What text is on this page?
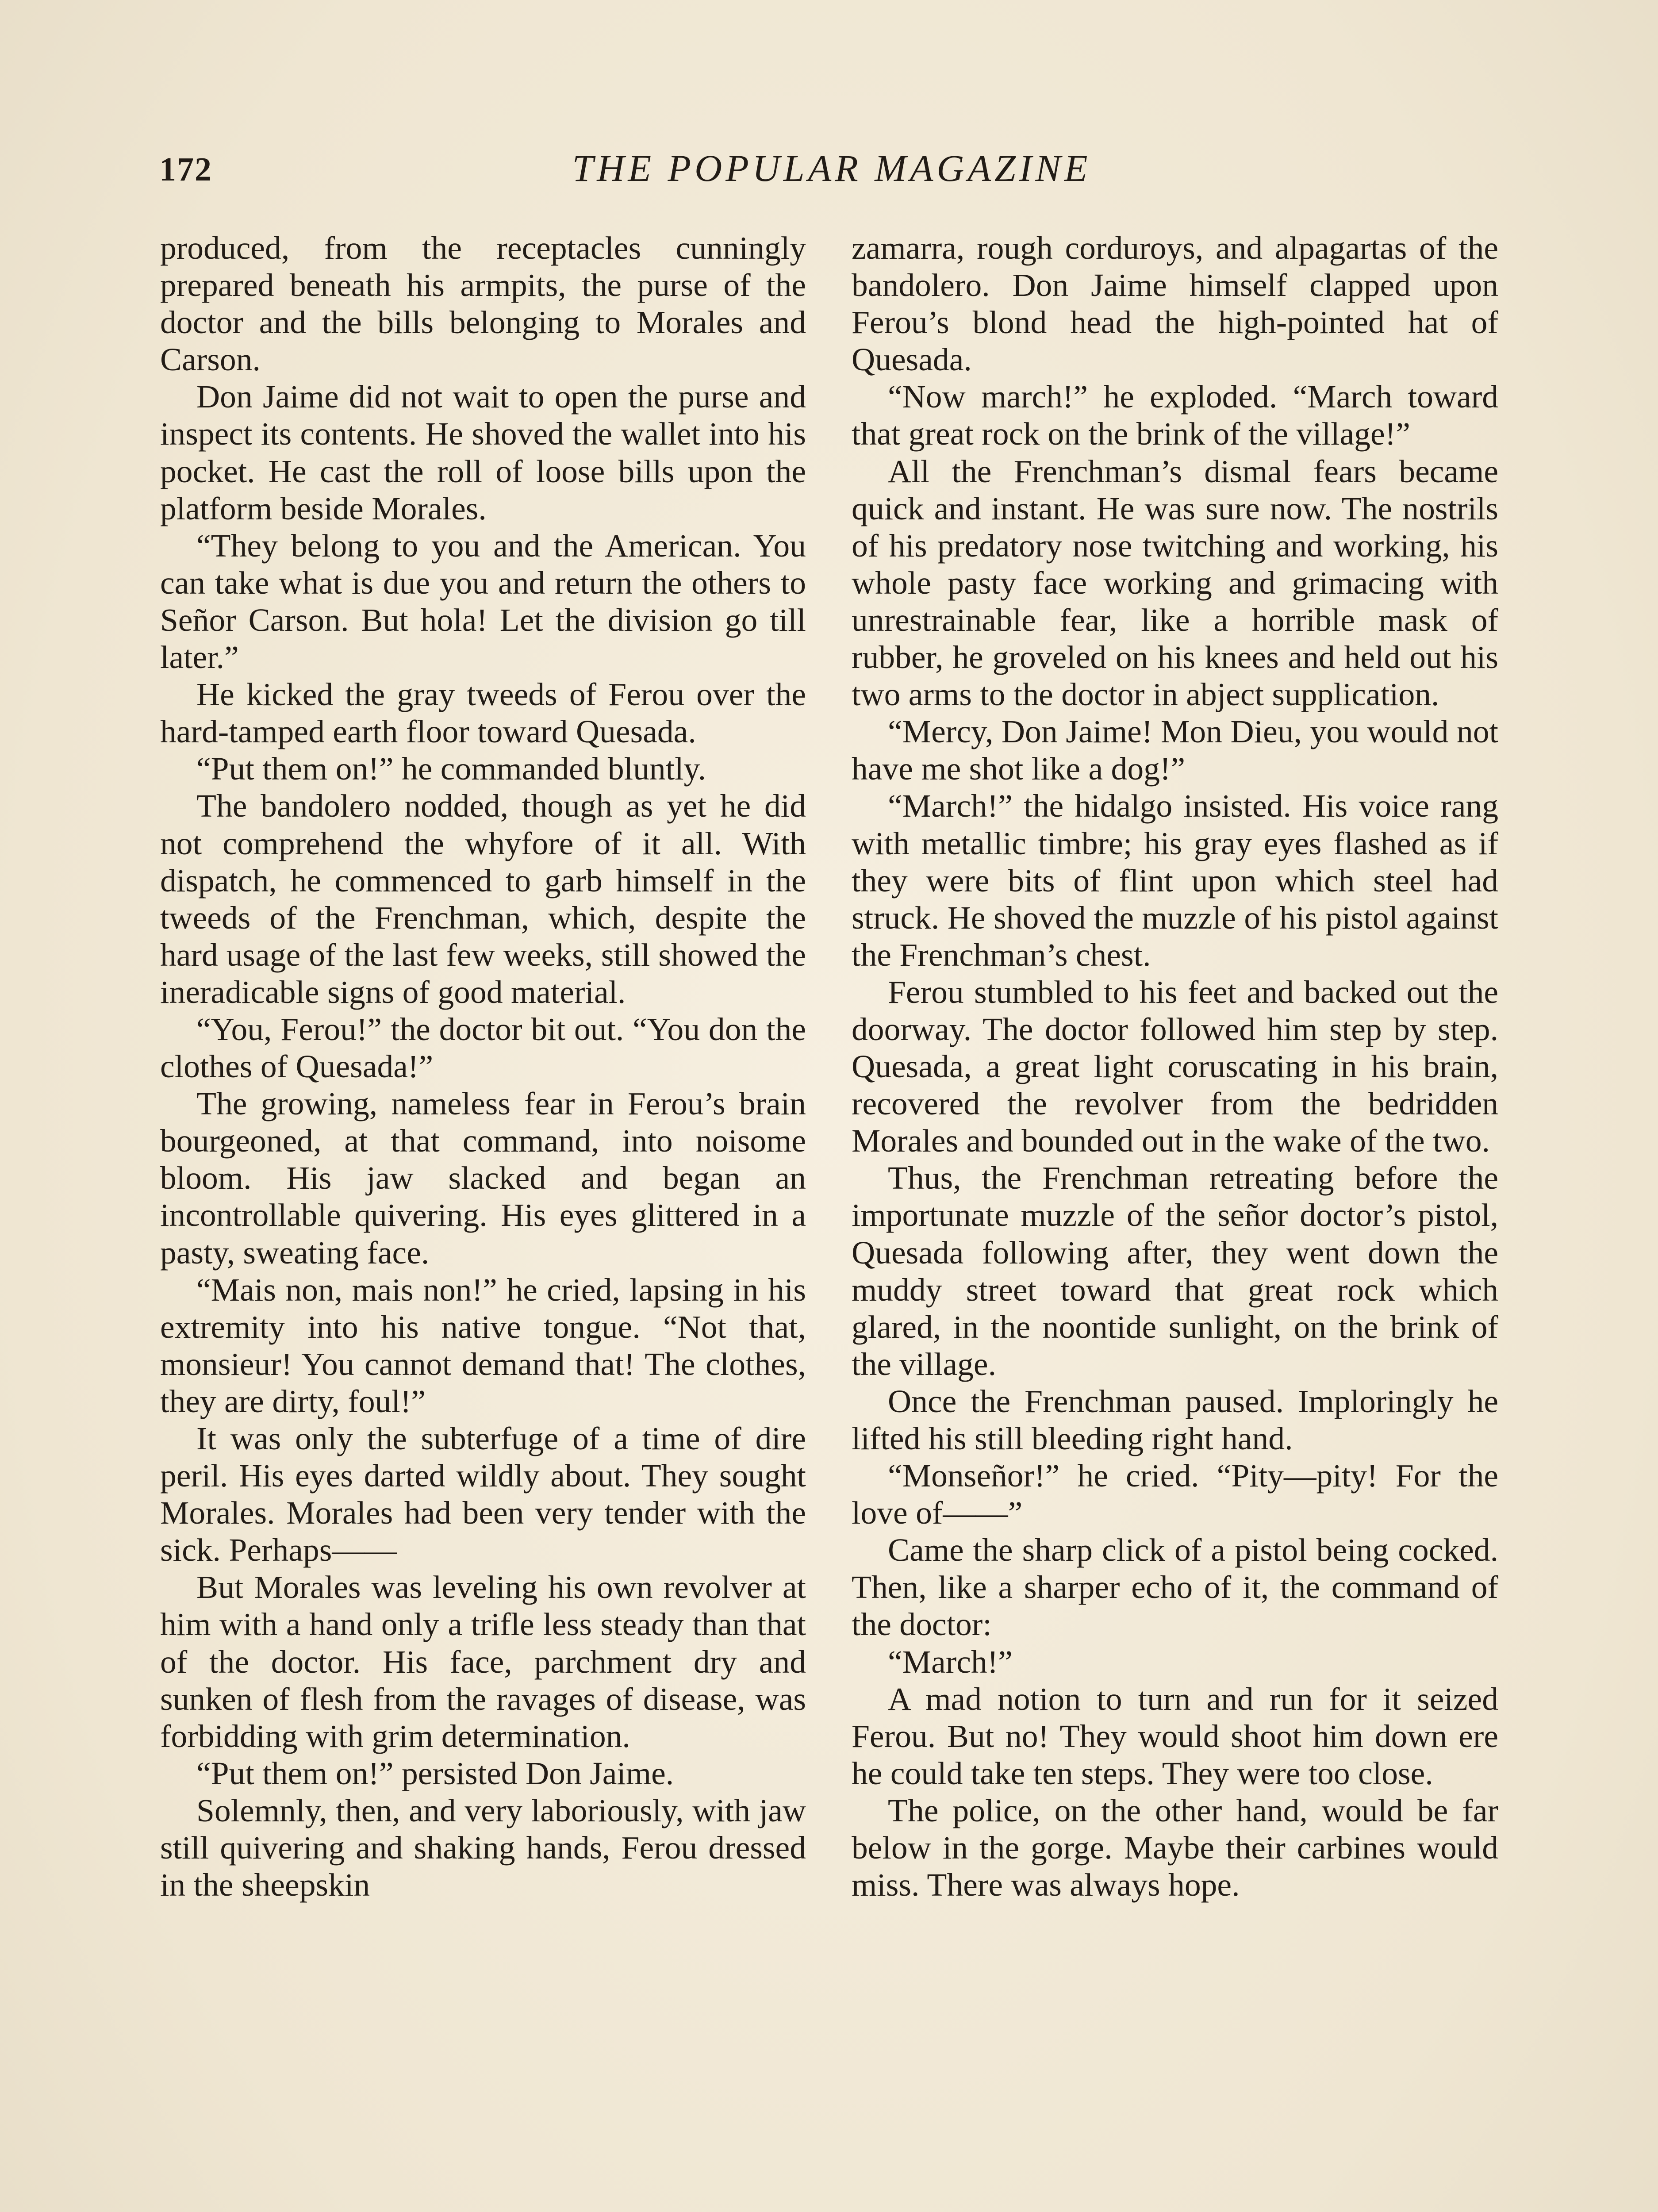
172	THE POPULAR MAGAZINE

produced, from the receptacles cunningly prepared beneath his armpits, the purse of the doctor and the bills belonging to Morales and Carson.

Don Jaime did not wait to open the purse and inspect its contents. He shoved the wallet into his pocket. He cast the roll of loose bills upon the platform beside Morales.

“They belong to you and the American. You can take what is due you and return the others to Señor Carson. But hola! Let the division go till later.”

He kicked the gray tweeds of Ferou over the hard-tamped earth floor toward Quesada.

“Put them on!” he commanded bluntly.

The bandolero nodded, though as yet he did not comprehend the whyfore of it all. With dispatch, he commenced to garb himself in the tweeds of the Frenchman, which, despite the hard usage of the last few weeks, still showed the ineradicable signs of good material.

“You, Ferou!” the doctor bit out. “You don the clothes of Quesada!”

The growing, nameless fear in Ferou’s brain bourgeoned, at that command, into noisome bloom. His jaw slacked and began an incontrollable quivering. His eyes glittered in a pasty, sweating face.

“Mais non, mais non!” he cried, lapsing in his extremity into his native tongue. “Not that, monsieur! You cannot demand that! The clothes, they are dirty, foul!”

It was only the subterfuge of a time of dire peril. His eyes darted wildly about. They sought Morales. Morales had been very tender with the sick. Perhaps——

But Morales was leveling his own revolver at him with a hand only a trifle less steady than that of the doctor. His face, parchment dry and sunken of flesh from the ravages of disease, was forbidding with grim determination.

“Put them on!” persisted Don Jaime.

Solemnly, then, and very laboriously, with jaw still quivering and shaking hands, Ferou dressed in the sheepskin

zamarra, rough corduroys, and alpagartas of the bandolero. Don Jaime himself clapped upon Ferou’s blond head the high-pointed hat of Quesada.

“Now march!” he exploded. “March toward that great rock on the brink of the village!”

All the Frenchman’s dismal fears became quick and instant. He was sure now. The nostrils of his predatory nose twitching and working, his whole pasty face working and grimacing with unrestrainable fear, like a horrible mask of rubber, he groveled on his knees and held out his two arms to the doctor in abject supplication.

“Mercy, Don Jaime! Mon Dieu, you would not have me shot like a dog!”

“March!” the hidalgo insisted. His voice rang with metallic timbre; his gray eyes flashed as if they were bits of flint upon which steel had struck. He shoved the muzzle of his pistol against the Frenchman’s chest.

Ferou stumbled to his feet and backed out the doorway. The doctor followed him step by step. Quesada, a great light coruscating in his brain, recovered the revolver from the bedridden Morales and bounded out in the wake of the two.

Thus, the Frenchman retreating before the importunate muzzle of the señor doctor’s pistol, Quesada following after, they went down the muddy street toward that great rock which glared, in the noontide sunlight, on the brink of the village.

Once the Frenchman paused. Imploringly he lifted his still bleeding right hand.

“Monseñor!” he cried. “Pity—pity! For the love of——”

Came the sharp click of a pistol being cocked. Then, like a sharper echo of it, the command of the doctor:

“March!”

A mad notion to turn and run for it seized Ferou. But no! They would shoot him down ere he could take ten steps. They were too close.

The police, on the other hand, would be far below in the gorge. Maybe their carbines would miss. There was always hope.
